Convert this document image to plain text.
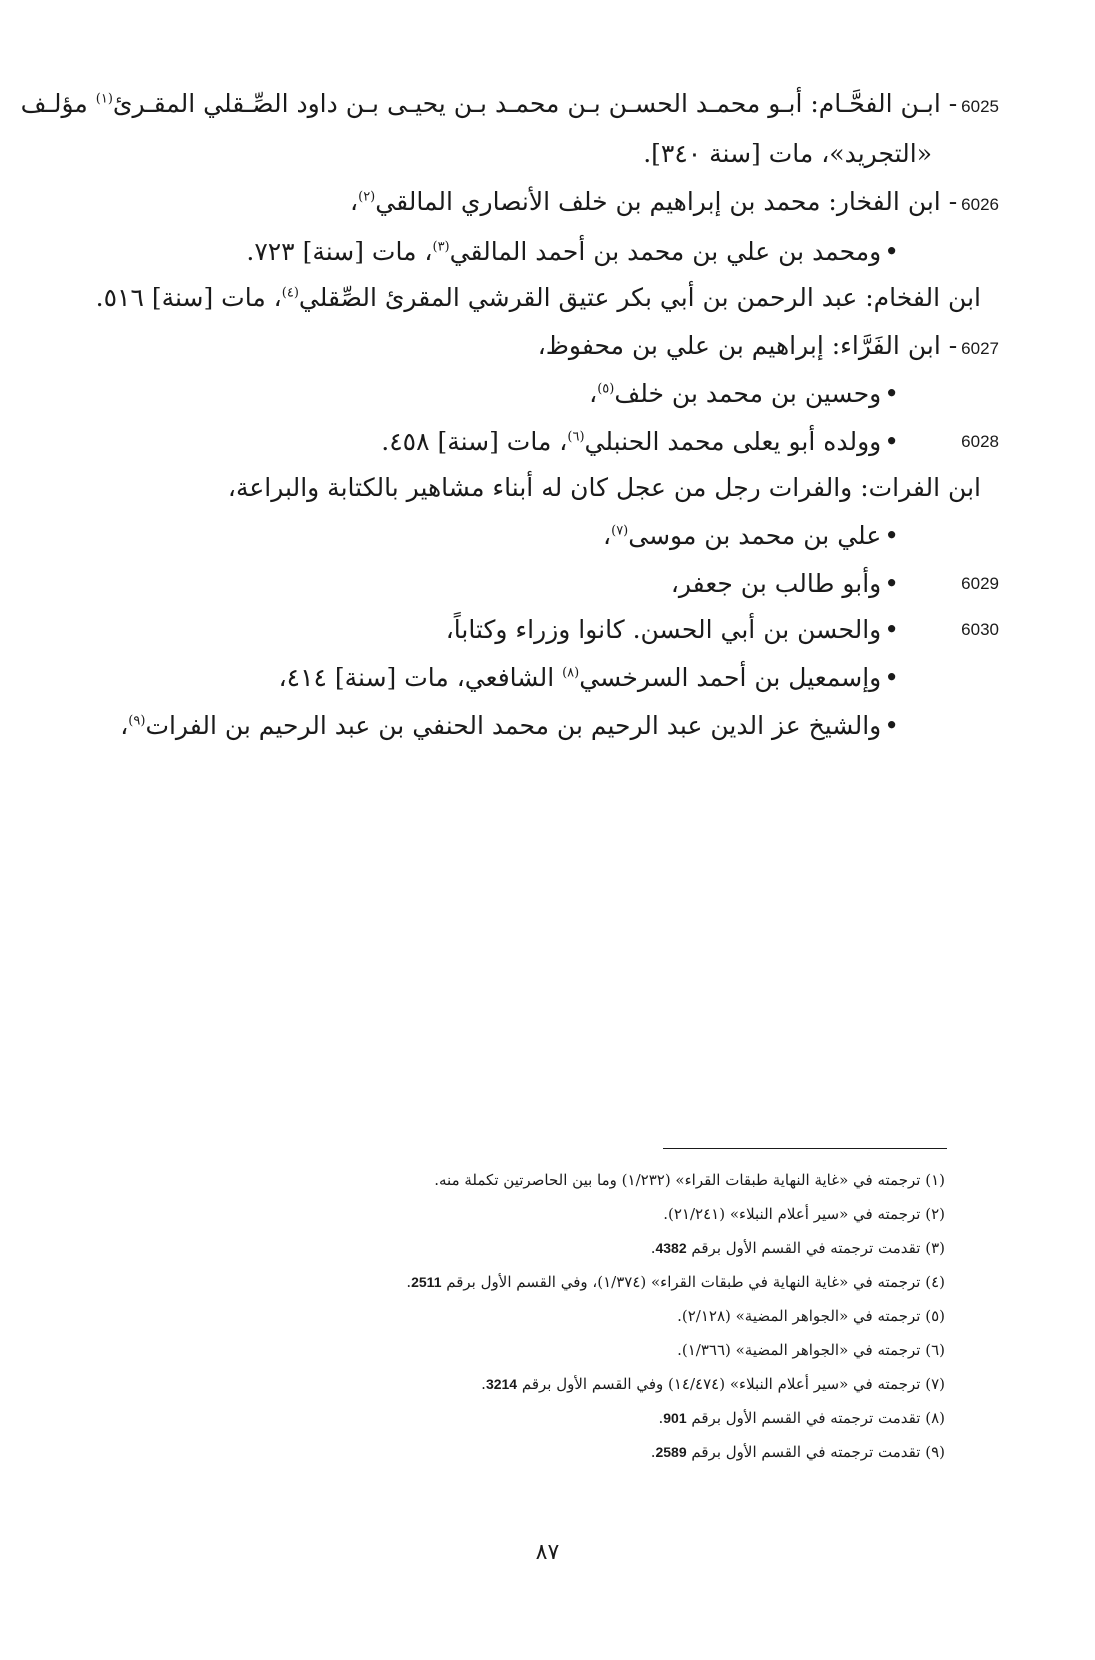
6025- ابـن الفحَّـام: أبـو محمـد الحسـن بـن محمـد بـن يحيـى بـن داود الصِّـقلي المقـرئ$^{(١)}$ مؤلـف
«التجريد»، مات [سنة ٣٤٠].
6026- ابن الفخار: محمد بن إبراهيم بن خلف الأنصاري المالقي$^{(٢)}$،
•ومحمد بن علي بن محمد بن أحمد المالقي$^{(٣)}$، مات [سنة] ٧٢٣.
ابن الفخام: عبد الرحمن بن أبي بكر عتيق القرشي المقرئ الصِّقلي$^{(٤)}$، مات [سنة] ٥١٦.
6027- ابن الفَرَّاء: إبراهيم بن علي بن محفوظ،
•وحسين بن محمد بن خلف$^{(٥)}$،
6028
•وولده أبو يعلى محمد الحنبلي$^{(٦)}$، مات [سنة] ٤٥٨.
ابن الفرات: والفرات رجل من عجل كان له أبناء مشاهير بالكتابة والبراعة،
•علي بن محمد بن موسى$^{(٧)}$،
6029
•وأبو طالب بن جعفر،
6030
•والحسن بن أبي الحسن. كانوا وزراء وكتاباً،
•وإسمعيل بن أحمد السرخسي$^{(٨)}$ الشافعي، مات [سنة] ٤١٤،
•والشيخ عز الدين عبد الرحيم بن محمد الحنفي بن عبد الرحيم بن الفرات$^{(٩)}$،
(١) ترجمته في «غاية النهاية طبقات القراء» (١/٢٣٢) وما بين الحاصرتين تكملة منه.
(٢) ترجمته في «سير أعلام النبلاء» (٢١/٢٤١).
(٣) تقدمت ترجمته في القسم الأول برقم 4382.
(٤) ترجمته في «غاية النهاية في طبقات القراء» (١/٣٧٤)، وفي القسم الأول برقم 2511.
(٥) ترجمته في «الجواهر المضية» (٢/١٢٨).
(٦) ترجمته في «الجواهر المضية» (١/٣٦٦).
(٧) ترجمته في «سير أعلام النبلاء» (١٤/٤٧٤) وفي القسم الأول برقم 3214.
(٨) تقدمت ترجمته في القسم الأول برقم 901.
(٩) تقدمت ترجمته في القسم الأول برقم 2589.
٨٧
